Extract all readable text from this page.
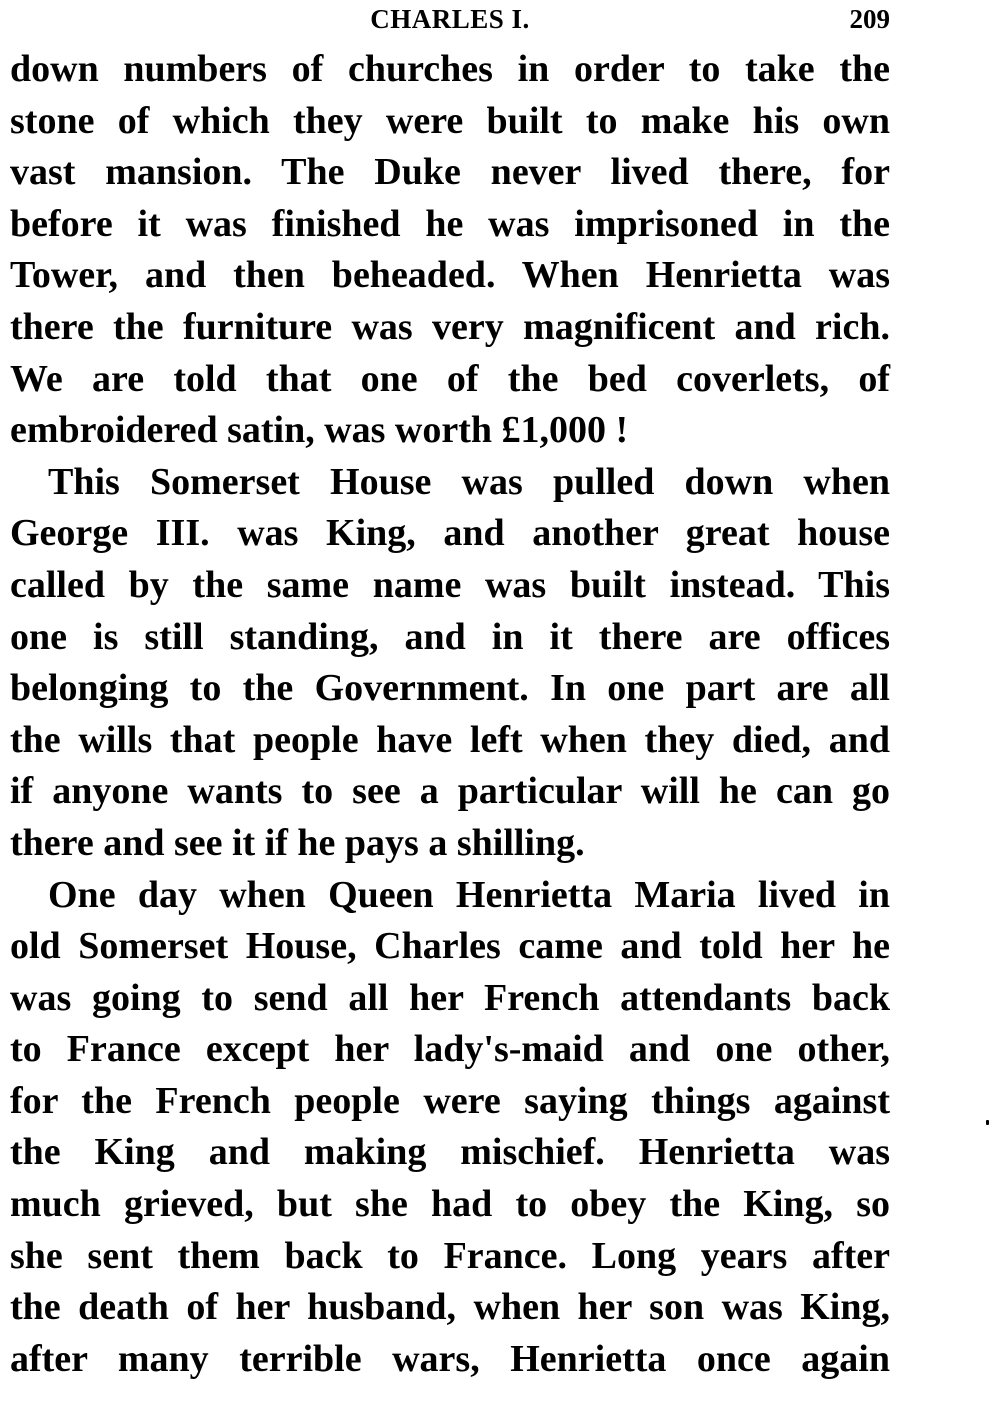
CHARLES I.	209

down numbers of churches in order to take the
stone of which they were built to make his own
vast mansion. The Duke never lived there, for
before it was finished he was imprisoned in the
Tower, and then beheaded. When Henrietta was
there the furniture was very magnificent and rich.
We are told that one of the bed coverlets, of
embroidered satin, was worth £1,000 !

This Somerset House was pulled down when
George III. was King, and another great house
called by the same name was built instead. This
one is still standing, and in it there are offices
belonging to the Government. In one part are all
the wills that people have left when they died, and
if anyone wants to see a particular will he can go
there and see it if he pays a shilling.

One day when Queen Henrietta Maria lived in
old Somerset House, Charles came and told her he
was going to send all her French attendants back
to France except her lady's-maid and one other,
for the French people were saying things against
the King and making mischief. Henrietta was
much grieved, but she had to obey the King, so
she sent them back to France. Long years after
the death of her husband, when her son was King,
after many terrible wars, Henrietta once again
